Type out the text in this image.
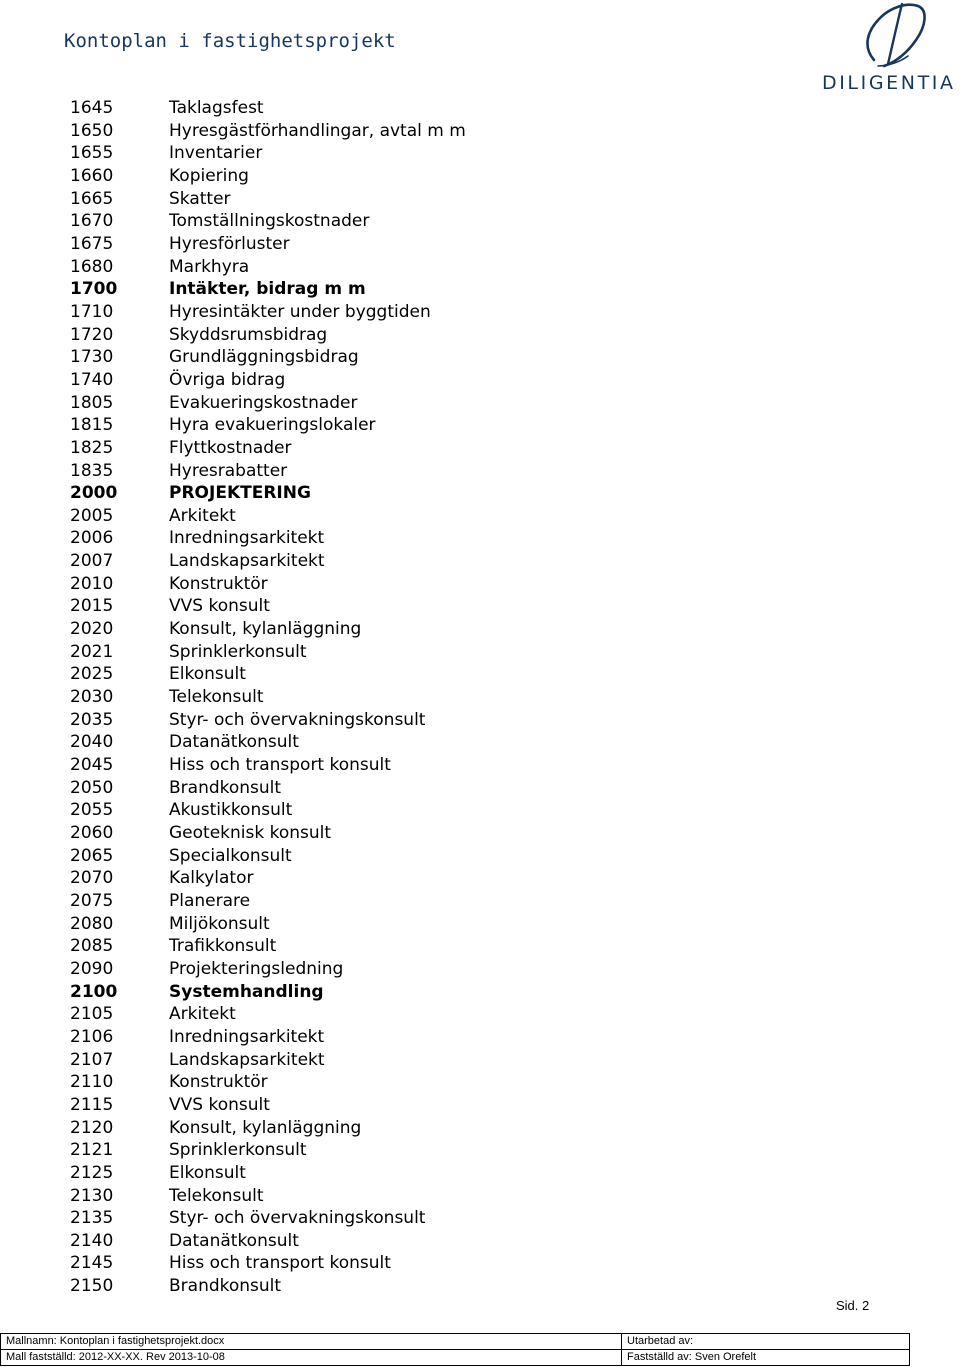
Kontoplan i fastighetsprojekt
DILIGENTIA
1645	Taklagsfest
1650	Hyresgästförhandlingar, avtal m m
1655	Inventarier
1660	Kopiering
1665	Skatter
1670	Tomställningskostnader
1675	Hyresförluster
1680	Markhyra
1700	Intäkter, bidrag m m
1710	Hyresintäkter under byggtiden
1720	Skyddsrumsbidrag
1730	Grundläggningsbidrag
1740	Övriga bidrag
1805	Evakueringskostnader
1815	Hyra evakueringslokaler
1825	Flyttkostnader
1835	Hyresrabatter
2000	PROJEKTERING
2005	Arkitekt
2006	Inredningsarkitekt
2007	Landskapsarkitekt
2010	Konstruktör
2015	VVS konsult
2020	Konsult, kylanläggning
2021	Sprinklerkonsult
2025	Elkonsult
2030	Telekonsult
2035	Styr- och övervakningskonsult
2040	Datanätkonsult
2045	Hiss och transport konsult
2050	Brandkonsult
2055	Akustikkonsult
2060	Geoteknisk konsult
2065	Specialkonsult
2070	Kalkylator
2075	Planerare
2080	Miljökonsult
2085	Trafikkonsult
2090	Projekteringsledning
2100	Systemhandling
2105	Arkitekt
2106	Inredningsarkitekt
2107	Landskapsarkitekt
2110	Konstruktör
2115	VVS konsult
2120	Konsult, kylanläggning
2121	Sprinklerkonsult
2125	Elkonsult
2130	Telekonsult
2135	Styr- och övervakningskonsult
2140	Datanätkonsult
2145	Hiss och transport konsult
2150	Brandkonsult
Sid. 2
Mallnamn: Kontoplan i fastighetsprojekt.docx	Utarbetad av:
Mall fastställd: 2012-XX-XX. Rev 2013-10-08	Fastställd av: Sven Orefelt
